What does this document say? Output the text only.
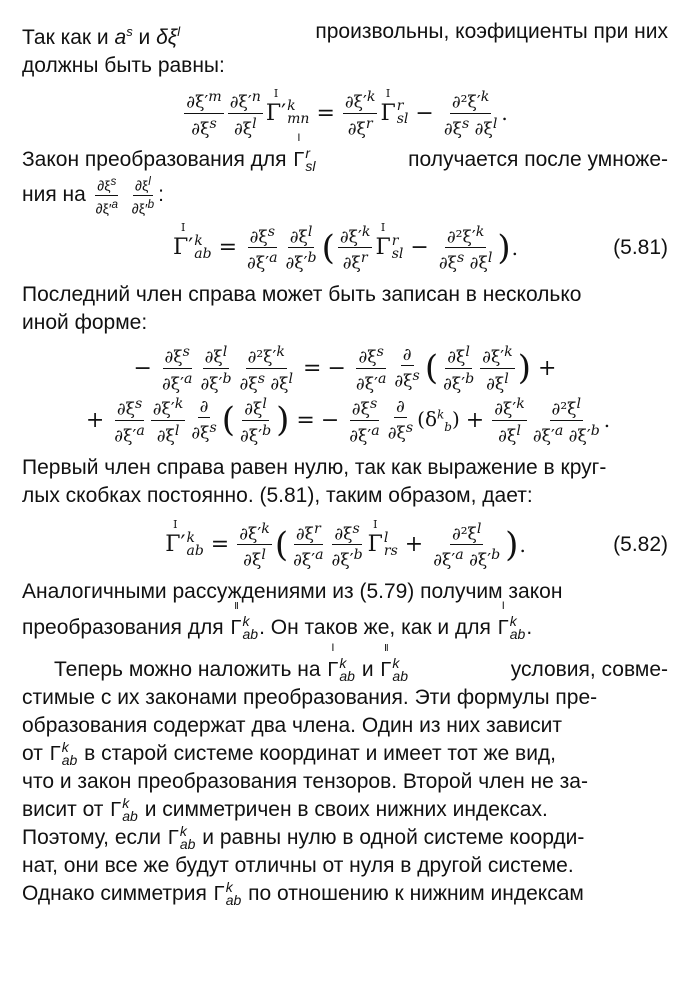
Так как и $a^s$ и $\delta\xi^l$	произвольны, коэфициенты при них
должны быть равны:

$\frac{\partial\xi'^m}{\partial\xi^s} \frac{\partial\xi'^n}{\partial\xi^l} \Gamma'$
I
k
mn = $\frac{\partial\xi'^k}{\partial\xi^r}$ Γ
I
r
sl − $\frac{\partial^2\xi'^k}{\partial\xi^s \partial\xi^l}$ .

Закон преобразования для Γ
I
r
sl	получается после умноже-
ния на $\frac{\partial\xi^s}{\partial\xi'^a}$
$\frac{\partial\xi^l}{\partial\xi'^b}$ :

Γ′
I
k
ab = $\frac{\partial\xi^s}{\partial\xi'^a} \frac{\partial\xi^l}{\partial\xi'^b}$ ( $\frac{\partial\xi'^k}{\partial\xi^r}$ Γ
I
r
sl − $\frac{\partial^2\xi'^k}{\partial\xi^s \partial\xi^l}$ ) .	(5.81)

Последний член справа может быть записан в несколько
иной форме:

− $\frac{\partial\xi^s}{\partial\xi'^a} \frac{\partial\xi^l}{\partial\xi'^b} \frac{\partial^2\xi'^k}{\partial\xi^s \partial\xi^l}$ = − $\frac{\partial\xi^s}{\partial\xi'^a} \frac{\partial}{\partial\xi^s}$ ( $\frac{\partial\xi^l}{\partial\xi'^b} \frac{\partial\xi'^k}{\partial\xi^l}$ ) +
+ $\frac{\partial\xi^s}{\partial\xi'^a} \frac{\partial\xi'^k}{\partial\xi^l} \frac{\partial}{\partial\xi^s}$ ( $\frac{\partial\xi^l}{\partial\xi'^b}$ ) = − $\frac{\partial\xi^s}{\partial\xi'^a} \frac{\partial}{\partial\xi^s} (\delta^k_b) + \frac{\partial\xi'^k}{\partial\xi^l} \frac{\partial^2\xi^l}{\partial\xi'^a \partial\xi'^b}$ .

Первый член справа равен нулю, так как выражение в круг-
лых скобках постоянно. (5.81), таким образом, дает:

Γ′
I
k
ab = $\frac{\partial\xi'^k}{\partial\xi^l}$ ( $\frac{\partial\xi^r}{\partial\xi'^a} \frac{\partial\xi^s}{\partial\xi'^b}$ Γ
I
l
rs + $\frac{\partial^2\xi^l}{\partial\xi'^a \partial\xi'^b}$ ) .	(5.82)

Аналогичными рассуждениями из (5.79) получим закон
преобразования для Γ
II
k
ab . Он таков же, как и для Γ
I
k
ab .

Теперь можно наложить на Γ
I
k
ab и Γ
II
k
ab	условия, совме-
стимые с их законами преобразования. Эти формулы пре-
образования содержат два члена. Один из них зависит
от Γ k
ab в старой системе координат и имеет тот же вид,
что и закон преобразования тензоров. Второй член не за-
висит от Γ k
ab и симметричен в своих нижних индексах.
Поэтому, если Γ k
ab и равны нулю в одной системе коорди-
нат, они все же будут отличны от нуля в другой системе.
Однако симметрия Γ k
ab по отношению к нижним индексам
